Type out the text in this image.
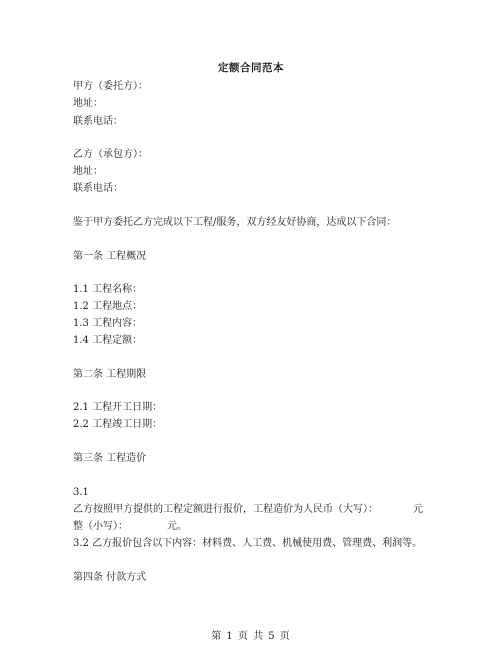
定额合同范本
甲方（委托方）：
地址：
联系电话：
乙方（承包方）：
地址：
联系电话：
鉴于甲方委托乙方完成以下工程/服务，双方经友好协商，达成以下合同：
第一条 工程概况
1.1 工程名称：
1.2 工程地点：
1.3 工程内容：
1.4 工程定额：
第二条 工程期限
2.1 工程开工日期：
2.2 工程竣工日期：
第三条 工程造价
3.1
乙方按照甲方提供的工程定额进行报价，工程造价为人民币（大写）：	元
整（小写）：	元。
3.2 乙方报价包含以下内容：材料费、人工费、机械使用费、管理费、利润等。
第四条 付款方式
第 1 页 共 5 页
